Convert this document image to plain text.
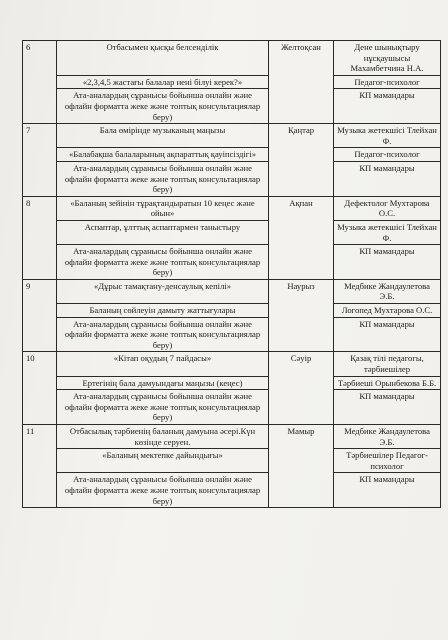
6	Отбасымен қысқы белсенділік	Желтоқсан	Дене шынықтыру нұсқаушысы Махамбетчина Н.А.
	«2,3,4,5 жастағы балалар нені білуі керек?»		Педагог-психолог
	Ата-аналардың сұранысы бойынша онлайн және офлайн форматта жеке және топтық консультациялар беру)		КП мамандары
7	Бала өмірінде музыканың маңызы	Қаңтар	Музыка жетекшісі Тлейхан Ф.
	«Балабақша балаларының ақпараттық қауіпсіздігі»		Педагог-психолог
	Ата-аналардың сұранысы бойынша онлайн және офлайн форматта жеке және топтық консультациялар беру)		КП мамандары
8	«Баланың зейінін тұрақтандыратын 10 кеңес және ойын»	Ақпан	Дефектолог Мухтарова О.С.
	Аспаптар, ұлттық аспаптармен таныстыру		Музыка жетекшісі Тлейхан Ф.
	Ата-аналардың сұранысы бойынша онлайн және офлайн форматта жеке және топтық консультациялар беру)		КП мамандары
9	«Дұрыс тамақтану-денсаулық кепілі»	Наурыз	Медбике Жандаулетова Э.Б.
	Баланың сөйлеуін дамыту жаттығулары		Логопед Мухтарова О.С.
	Ата-аналардың сұранысы бойынша онлайн және офлайн форматта жеке және топтық консультациялар беру)		КП мамандары
10	«Кітап оқудың 7 пайдасы»	Сәуір	Қазақ тілі педагогы, тәрбиешілер
	Ертегінің бала дамуындағы маңызы (кеңес)		Тәрбиеші Орынбекова Б.Б.
	Ата-аналардың сұранысы бойынша онлайн және офлайн форматта жеке және топтық консультациялар беру)		КП мамандары
11	Отбасылық тәрбиенің баланың дамуына әсері.Күн көзінде серуен.	Мамыр	Медбике Жандаулетова Э.Б.
	«Баланың мектепке дайындығы»		Тәрбиешілер Педагог-психолог
	Ата-аналардың сұранысы бойынша онлайн және офлайн форматта жеке және топтық консультациялар беру)		КП мамандары
